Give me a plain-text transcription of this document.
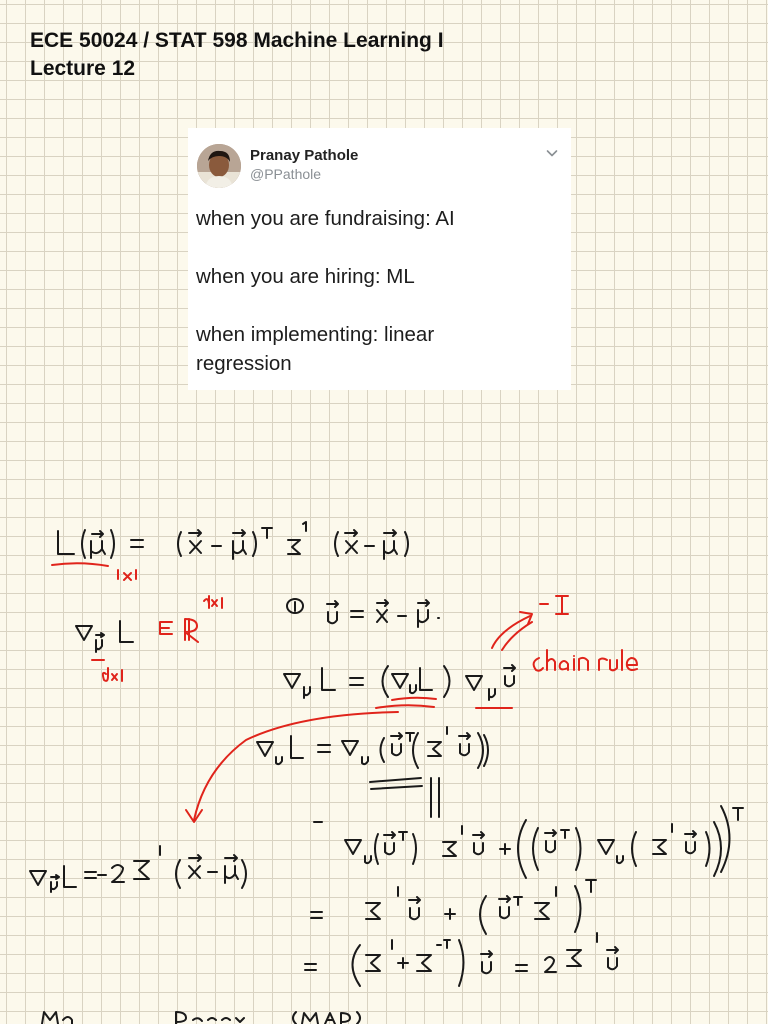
ECE 50024 / STAT 598 Machine Learning I
Lecture 12
Pranay Pathole
@PPathole
when you are fundraising: AI
when you are hiring: ML
when implementing: linear
regression
